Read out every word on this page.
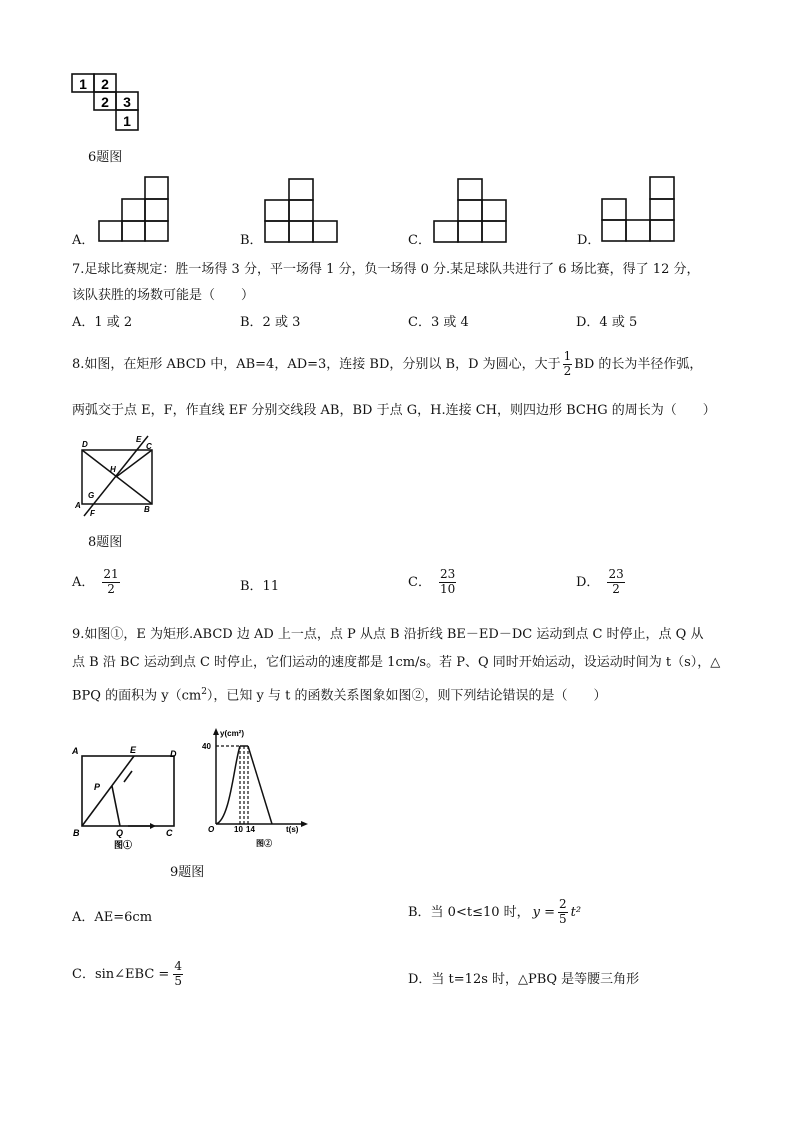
1 2
2 3
1
6题图
A．	B．	C．	D．
7.足球比赛规定：胜一场得 3 分，平一场得 1 分，负一场得 0 分.某足球队共进行了 6 场比赛，得了 12 分，
该队获胜的场数可能是（　　）
A．1 或 2	B．2 或 3	C．3 或 4	D．4 或 5
8.如图，在矩形 ABCD 中，AB=4，AD=3，连接 BD，分别以 B，D 为圆心，大于 $\frac{1}{2}$ BD 的长为半径作弧，
两弧交于点 E，F，作直线 EF 分别交线段 AB，BD 于点 G，H.连接 CH，则四边形 BCHG 的周长为（　　）
D
E
C
H
G
A
F	B
8题图
A． $\frac{21}{2}$	B．11	C． $\frac{23}{10}$	D． $\frac{23}{2}$
9.如图①，E 为矩形.ABCD 边 AD 上一点，点 P 从点 B 沿折线 BE－ED－DC 运动到点 C 时停止，点 Q 从
点 B 沿 BC 运动到点 C 时停止，它们运动的速度都是 1cm/s。若 P、Q 同时开始运动，设运动时间为 t（s），△
BPQ 的面积为 $y(cm^2)$，已知 y 与 t 的函数关系图象如图②，则下列结论错误的是（　　）
A	E	D
P
B	Q	C
图①
y(cm²)
40
O 10 14	t(s)
图②
9题图
A．AE=6cm	B．当 0<t≤10 时， $y = \frac{2}{5} t^2$
C．sin∠EBC = $\frac{4}{5}$	D．当 t=12s 时，△PBQ 是等腰三角形
